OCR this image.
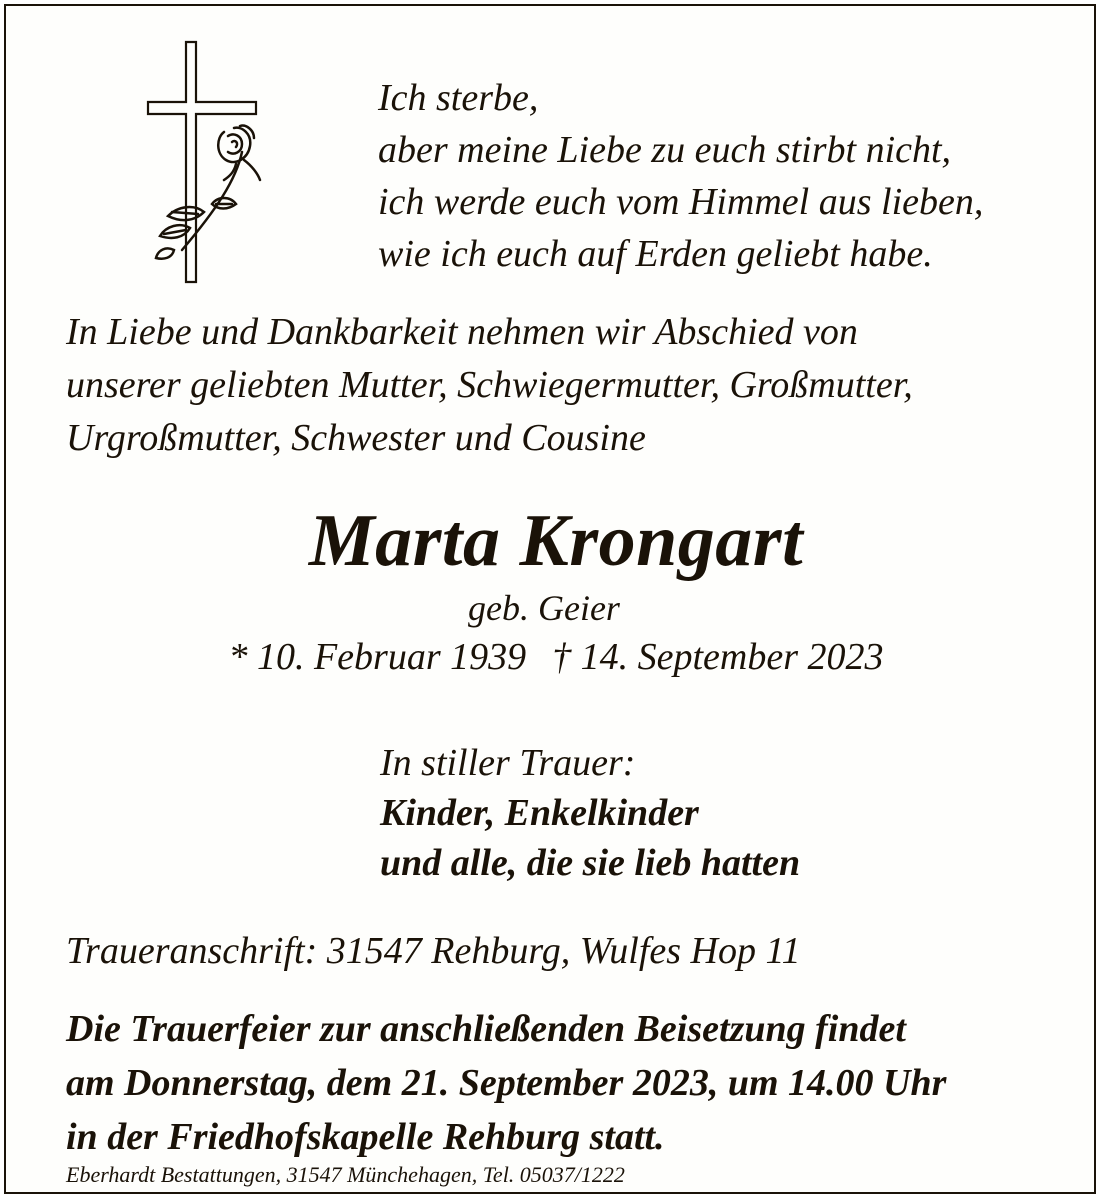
Ich sterbe,
aber meine Liebe zu euch stirbt nicht,
ich werde euch vom Himmel aus lieben,
wie ich euch auf Erden geliebt habe.
In Liebe und Dankbarkeit nehmen wir Abschied von
unserer geliebten Mutter, Schwiegermutter, Großmutter,
Urgroßmutter, Schwester und Cousine
Marta Krongart
geb. Geier
* 10. Februar 1939 † 14. September 2023
In stiller Trauer:
Kinder, Enkelkinder
und alle, die sie lieb hatten
Traueranschrift: 31547 Rehburg, Wulfes Hop 11
Die Trauerfeier zur anschließenden Beisetzung findet
am Donnerstag, dem 21. September 2023, um 14.00 Uhr
in der Friedhofskapelle Rehburg statt.
Eberhardt Bestattungen, 31547 Münchehagen, Tel. 05037/1222
